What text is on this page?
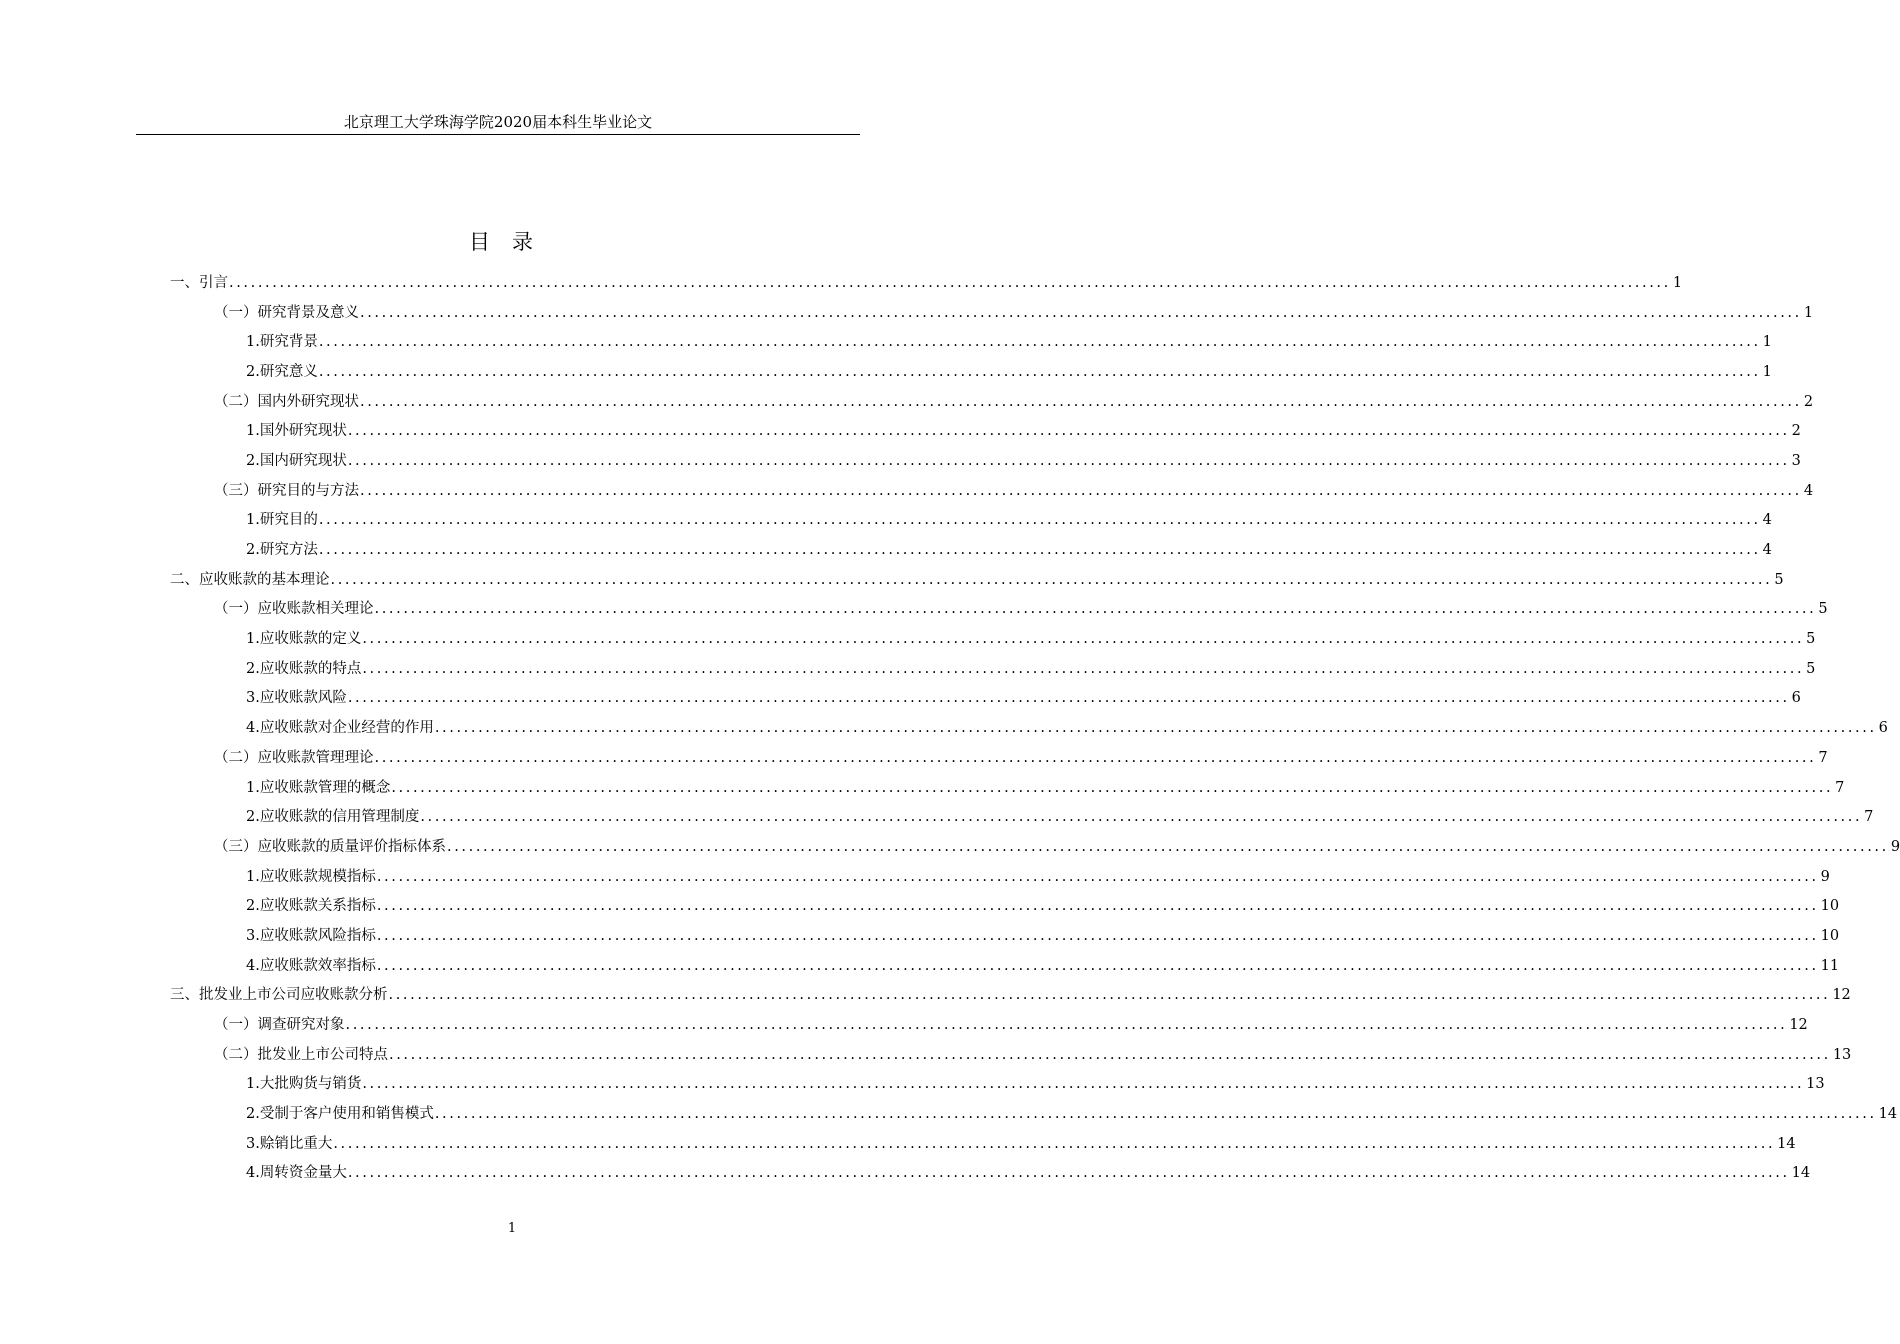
北京理工大学珠海学院2020届本科生毕业论文
目录
一、引言 ........................................................................................................................................................................................................ 1
（一）研究背景及意义 ........................................................................................................................................................................................................ 1
1.研究背景 ........................................................................................................................................................................................................ 1
2.研究意义 ........................................................................................................................................................................................................ 1
（二）国内外研究现状 ........................................................................................................................................................................................................ 2
1.国外研究现状 ........................................................................................................................................................................................................ 2
2.国内研究现状 ........................................................................................................................................................................................................ 3
（三）研究目的与方法 ........................................................................................................................................................................................................ 4
1.研究目的 ........................................................................................................................................................................................................ 4
2.研究方法 ........................................................................................................................................................................................................ 4
二、应收账款的基本理论 ........................................................................................................................................................................................................ 5
（一）应收账款相关理论 ........................................................................................................................................................................................................ 5
1.应收账款的定义 ........................................................................................................................................................................................................ 5
2.应收账款的特点 ........................................................................................................................................................................................................ 5
3.应收账款风险 ........................................................................................................................................................................................................ 6
4.应收账款对企业经营的作用 ........................................................................................................................................................................................................ 6
（二）应收账款管理理论 ........................................................................................................................................................................................................ 7
1.应收账款管理的概念 ........................................................................................................................................................................................................ 7
2.应收账款的信用管理制度 ........................................................................................................................................................................................................ 7
（三）应收账款的质量评价指标体系 ........................................................................................................................................................................................................ 9
1.应收账款规模指标 ........................................................................................................................................................................................................ 9
2.应收账款关系指标 ........................................................................................................................................................................................................ 10
3.应收账款风险指标 ........................................................................................................................................................................................................ 10
4.应收账款效率指标 ........................................................................................................................................................................................................ 11
三、批发业上市公司应收账款分析 ........................................................................................................................................................................................................ 12
（一）调查研究对象 ........................................................................................................................................................................................................ 12
（二）批发业上市公司特点 ........................................................................................................................................................................................................ 13
1.大批购货与销货 ........................................................................................................................................................................................................ 13
2.受制于客户使用和销售模式 ........................................................................................................................................................................................................ 14
3.赊销比重大 ........................................................................................................................................................................................................ 14
4.周转资金量大 ........................................................................................................................................................................................................ 14
1
